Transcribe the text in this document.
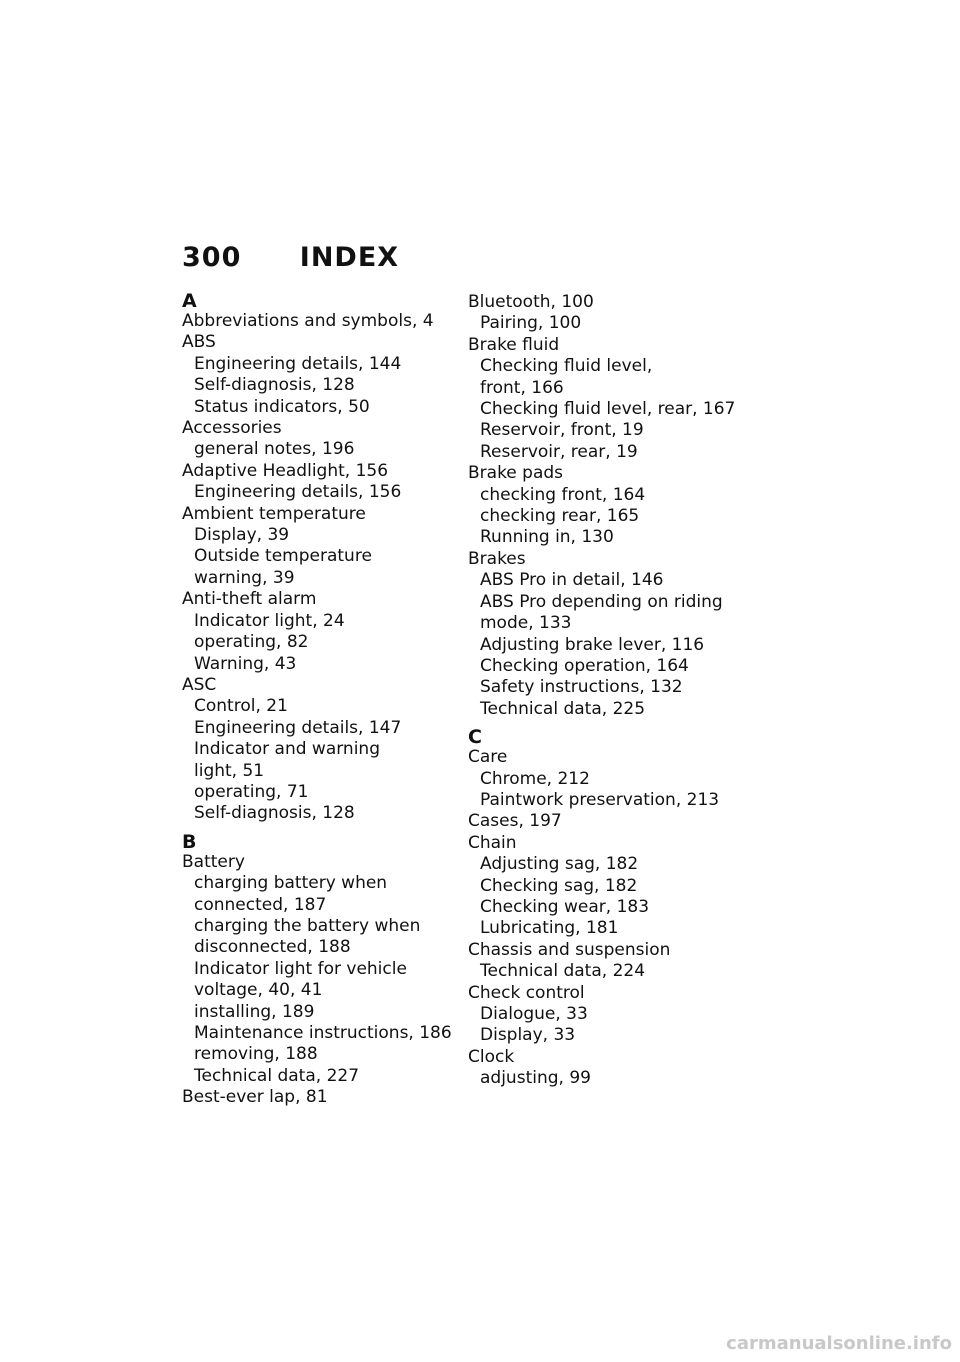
300 INDEX
A
Abbreviations and symbols, 4
ABS
Engineering details, 144
Self-diagnosis, 128
Status indicators, 50
Accessories
general notes, 196
Adaptive Headlight, 156
Engineering details, 156
Ambient temperature
Display, 39
Outside temperature
warning, 39
Anti-theft alarm
Indicator light, 24
operating, 82
Warning, 43
ASC
Control, 21
Engineering details, 147
Indicator and warning
light, 51
operating, 71
Self-diagnosis, 128
B
Battery
charging battery when
connected, 187
charging the battery when
disconnected, 188
Indicator light for vehicle
voltage, 40, 41
installing, 189
Maintenance instructions, 186
removing, 188
Technical data, 227
Best-ever lap, 81
Bluetooth, 100
Pairing, 100
Brake fluid
Checking fluid level,
front, 166
Checking fluid level, rear, 167
Reservoir, front, 19
Reservoir, rear, 19
Brake pads
checking front, 164
checking rear, 165
Running in, 130
Brakes
ABS Pro in detail, 146
ABS Pro depending on riding
mode, 133
Adjusting brake lever, 116
Checking operation, 164
Safety instructions, 132
Technical data, 225
C
Care
Chrome, 212
Paintwork preservation, 213
Cases, 197
Chain
Adjusting sag, 182
Checking sag, 182
Checking wear, 183
Lubricating, 181
Chassis and suspension
Technical data, 224
Check control
Dialogue, 33
Display, 33
Clock
adjusting, 99
carmanualsonline.info
